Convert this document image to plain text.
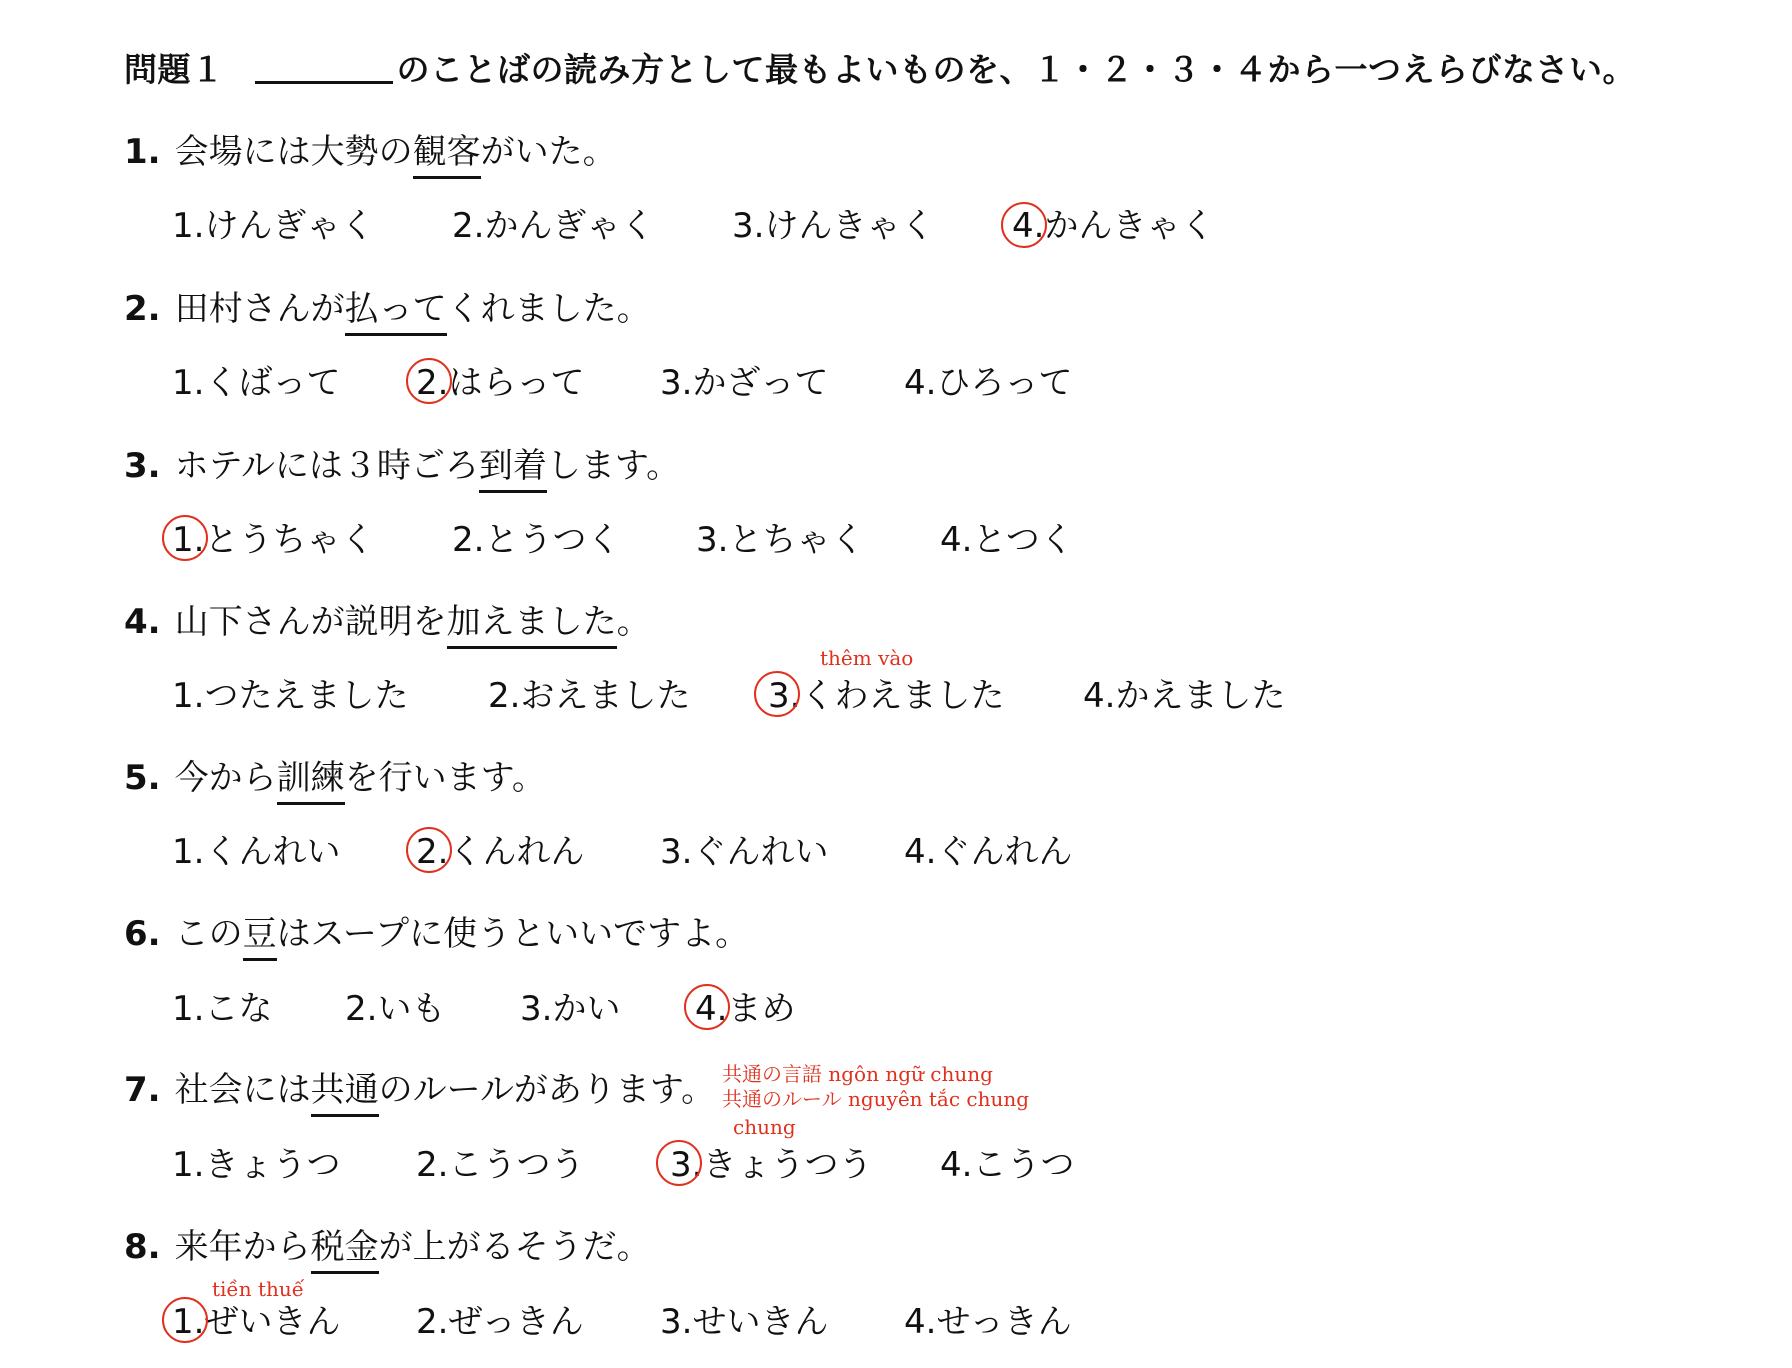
問題１	のことばの読み方として最もよいものを、１・２・３・４から一つえらびなさい。
1. 会場には大勢の観客がいた。
1.けんぎゃく 2.かんぎゃく 3.けんきゃく 4.かんきゃく
2. 田村さんが払ってくれました。
1.くばって 2.はらって 3.かざって 4.ひろって
3. ホテルには３時ごろ到着します。
1.とうちゃく 2.とうつく 3.とちゃく 4.とつく
4. 山下さんが説明を加えました。
thêm vào
1.つたえました 2.おえました 3.くわえました 4.かえました
5. 今から訓練を行います。
1.くんれい 2.くんれん 3.ぐんれい 4.ぐんれん
6. この豆はスープに使うといいですよ。
1.こな 2.いも 3.かい 4.まめ
7. 社会には共通のルールがあります。 共通の言語 ngôn ngữ chung
共通のルール nguyên tắc chung
chung
1.きょうつ 2.こうつう	3.きょうつう 4.こうつ
8. 来年から税金が上がるそうだ。
tiền thuế
1.ぜいきん 2.ぜっきん 3.せいきん 4.せっきん
